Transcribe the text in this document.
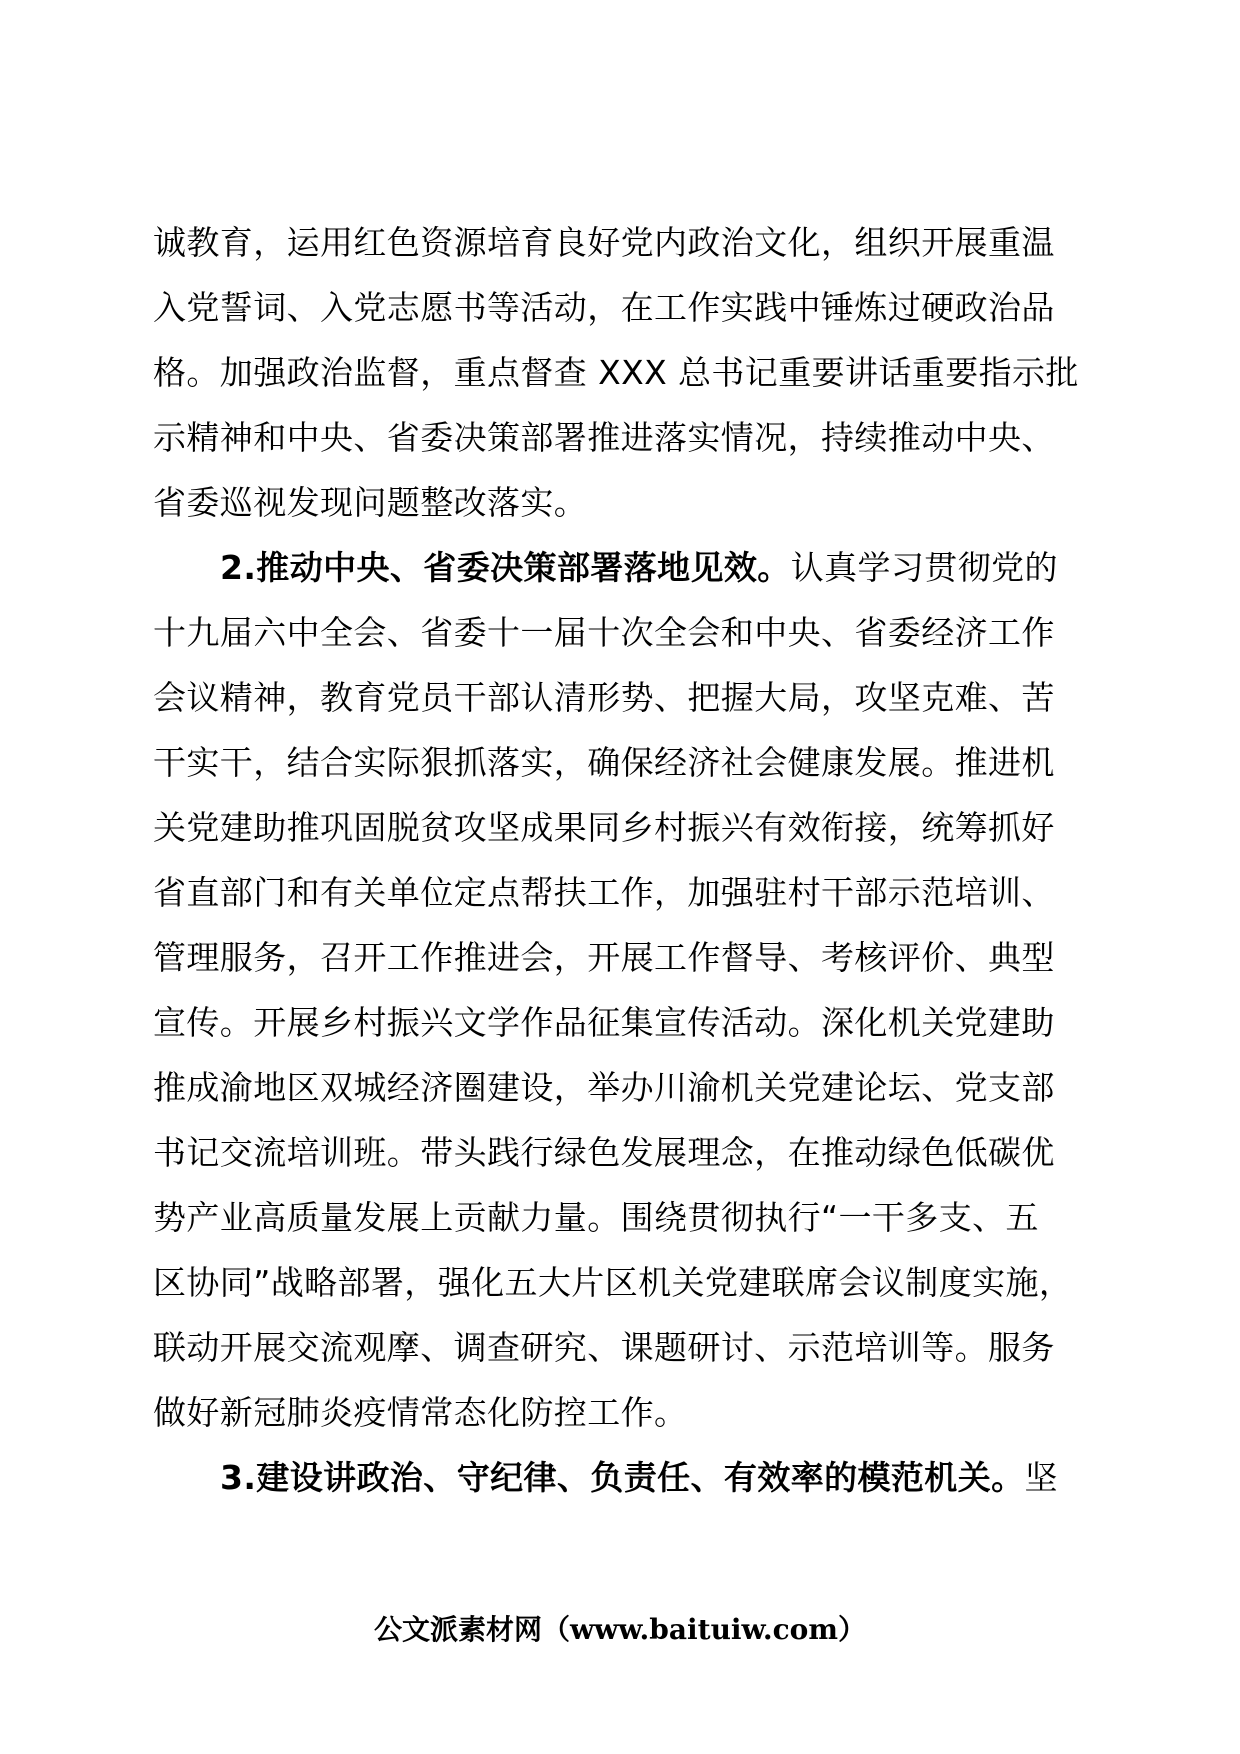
诚教育，运用红色资源培育良好党内政治文化，组织开展重温
入党誓词、入党志愿书等活动，在工作实践中锤炼过硬政治品
格。加强政治监督，重点督查 XXX 总书记重要讲话重要指示批
示精神和中央、省委决策部署推进落实情况，持续推动中央、
省委巡视发现问题整改落实。
2.推动中央、省委决策部署落地见效。认真学习贯彻党的
十九届六中全会、省委十一届十次全会和中央、省委经济工作
会议精神，教育党员干部认清形势、把握大局，攻坚克难、苦
干实干，结合实际狠抓落实，确保经济社会健康发展。推进机
关党建助推巩固脱贫攻坚成果同乡村振兴有效衔接，统筹抓好
省直部门和有关单位定点帮扶工作，加强驻村干部示范培训、
管理服务，召开工作推进会，开展工作督导、考核评价、典型
宣传。开展乡村振兴文学作品征集宣传活动。深化机关党建助
推成渝地区双城经济圈建设，举办川渝机关党建论坛、党支部
书记交流培训班。带头践行绿色发展理念，在推动绿色低碳优
势产业高质量发展上贡献力量。围绕贯彻执行“一干多支、五
区协同”战略部署，强化五大片区机关党建联席会议制度实施，
联动开展交流观摩、调查研究、课题研讨、示范培训等。服务
做好新冠肺炎疫情常态化防控工作。
3.建设讲政治、守纪律、负责任、有效率的模范机关。坚
公文派素材网（www.baituiw.com）
